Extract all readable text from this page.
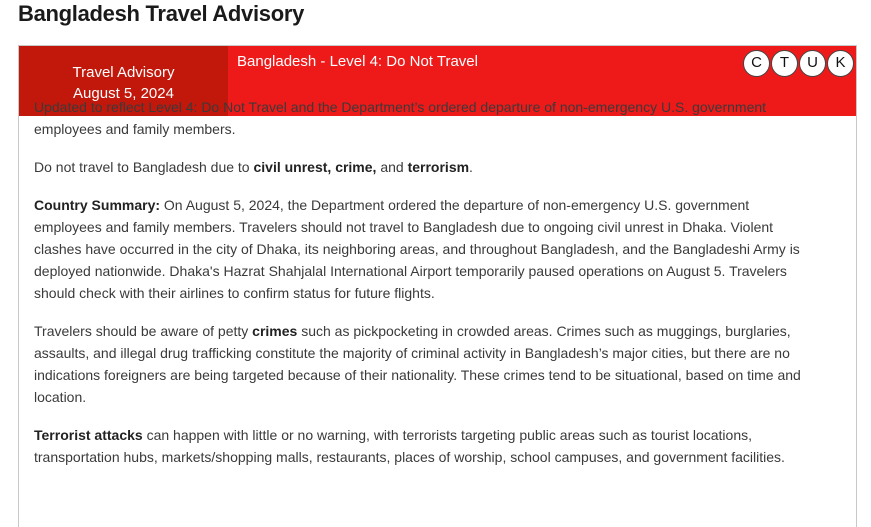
Bangladesh Travel Advisory
Travel Advisory
August 5, 2024
Bangladesh - Level 4: Do Not Travel	C	T	U	K

Updated to reflect Level 4: Do Not Travel and the Department’s ordered departure of non-emergency U.S. government employees and family members.

Do not travel to Bangladesh due to civil unrest, crime, and terrorism.

Country Summary: On August 5, 2024, the Department ordered the departure of non-emergency U.S. government employees and family members. Travelers should not travel to Bangladesh due to ongoing civil unrest in Dhaka. Violent clashes have occurred in the city of Dhaka, its neighboring areas, and throughout Bangladesh, and the Bangladeshi Army is deployed nationwide. Dhaka's Hazrat Shahjalal International Airport temporarily paused operations on August 5. Travelers should check with their airlines to confirm status for future flights.

Travelers should be aware of petty crimes such as pickpocketing in crowded areas. Crimes such as muggings, burglaries, assaults, and illegal drug trafficking constitute the majority of criminal activity in Bangladesh’s major cities, but there are no indications foreigners are being targeted because of their nationality. These crimes tend to be situational, based on time and location.

Terrorist attacks can happen with little or no warning, with terrorists targeting public areas such as tourist locations, transportation hubs, markets/shopping malls, restaurants, places of worship, school campuses, and government facilities.
